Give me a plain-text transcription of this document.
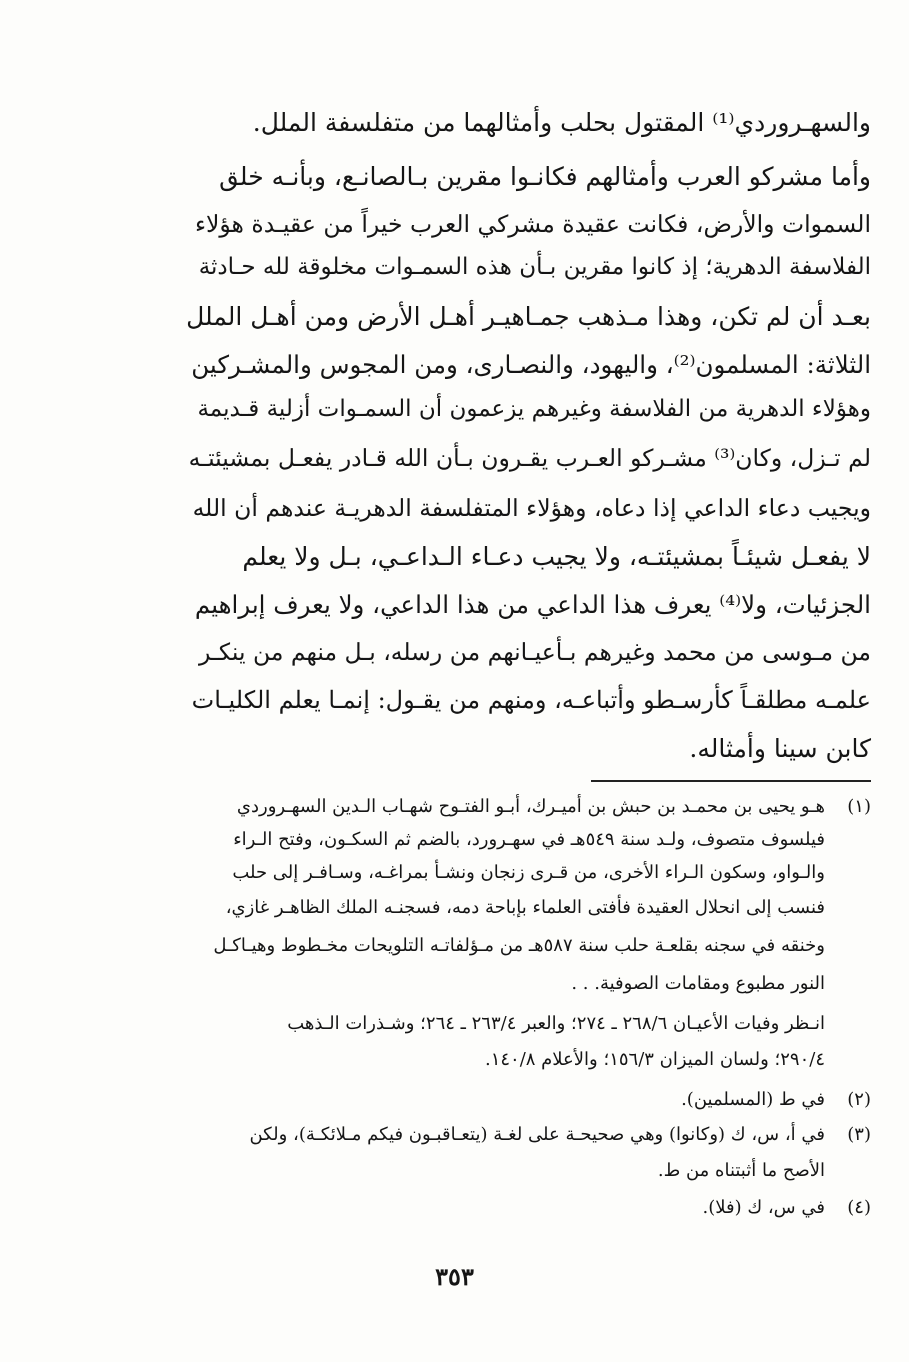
والسهـروردي⁽¹⁾ المقتول بحلب وأمثالهما من متفلسفة الملل.
وأما مشركو العرب وأمثالهم فكانـوا مقرين بـالصانـع، وبأنـه خلق
السموات والأرض، فكانت عقيدة مشركي العرب خيراً من عقيـدة هؤلاء
الفلاسفة الدهرية؛ إذ كانوا مقرين بـأن هذه السمـوات مخلوقة لله حـادثة
بعـد أن لم تكن، وهذا مـذهب جمـاهيـر أهـل الأرض ومن أهـل الملل
الثلاثة: المسلمون⁽²⁾، واليهود، والنصـارى، ومن المجوس والمشـركين
وهؤلاء الدهرية من الفلاسفة وغيرهم يزعمون أن السمـوات أزلية قـديمة
لم تـزل، وكان⁽³⁾ مشـركو العـرب يقـرون بـأن الله قـادر يفعـل بمشيئتـه
ويجيب دعاء الداعي إذا دعاه، وهؤلاء المتفلسفة الدهريـة عندهم أن الله
لا يفعـل شيئـاً بمشيئتـه، ولا يجيب دعـاء الـداعـي، بـل ولا يعلم
الجزئيات، ولا⁽⁴⁾ يعرف هذا الداعي من هذا الداعي، ولا يعرف إبراهيم
من مـوسى من محمد وغيرهم بـأعيـانهم من رسله، بـل منهم من ينكـر
علمـه مطلقـاً كأرسـطو وأتباعـه، ومنهم من يقـول: إنمـا يعلم الكليـات
كابن سينا وأمثاله.
(١)
هـو يحيى بن محمـد بن حبش بن أميـرك، أبـو الفتـوح شهـاب الـدين السهـروردي
فيلسوف متصوف، ولـد سنة ٥٤٩هـ في سهـرورد، بالضم ثم السكـون، وفتح الـراء
والـواو، وسكون الـراء الأخرى، من قـرى زنجان ونشـأ بمراغـه، وسـافـر إلى حلب
فنسب إلى انحلال العقيدة فأفتى العلماء بإباحة دمه، فسجنـه الملك الظاهـر غازي،
وخنقه في سجنه بقلعـة حلب سنة ٥٨٧هـ من مـؤلفاتـه التلويحات مخـطوط وهيـاكـل
النور مطبوع ومقامات الصوفية. . .
انـظر وفيات الأعيـان ٢٦٨/٦ ـ ٢٧٤؛ والعبر ٢٦٣/٤ ـ ٢٦٤؛ وشـذرات الـذهب
٢٩٠/٤؛ ولسان الميزان ١٥٦/٣؛ والأعلام ١٤٠/٨.
(٢)
في ط (المسلمين).
(٣)
في أ، س، ك (وكانوا) وهي صحيحـة على لغـة (يتعـاقبـون فيكم مـلائكـة)، ولكن
الأصح ما أثبتناه من ط.
(٤)
في س، ك (فلا).
٣٥٣
